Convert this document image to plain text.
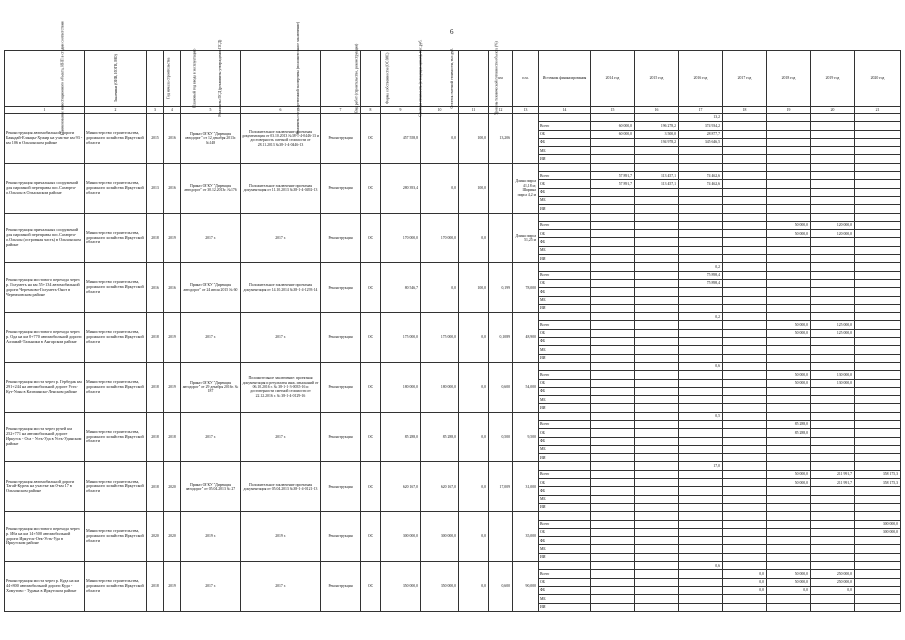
6
Наименование инвестиционного объекта, ИНП в стадии соответствия	Заказчики (ОИВ, ИОГВ, МО)	Год начала строительства	Плановый год ввода в эксплуатацию	Реквизиты ПСД (реквизиты утверждения ПСД)	Реквизиты государственной экспертизы (положительное заключение)	Вид работ (строительство, реконструкция)	Форма собственности (ОС/МС)	Сметная стоимость (в текущих ценах), тыс.руб.	Остаток сметной стоимости, тыс.руб.	Уровень технической готовности объекта (%)	км	п.м.	Источник финансирования	2014 год	2015 год	2016 год	2017 год	2018 год	2019 год	2020 год
1	2	3	4	5	6	7	8	9	10	11	12	13	14	15	16	17	18	19	20	21
Реконструкция автомобильной дороги Баяндай-Еланцы-Хужир на участке км 93 - км 106 в Ольхонском районе	Министерство строительства, дорожного хозяйства Иркутской области	2015	2016	Приказ ОГКУ "Дирекция автодорог" от 12 декабря 2013г. №148	Положительное заключение проектная документация от 03.10.2013 №38-1-4-0446-13 и достоверность сметной стоимости от 28.11.2013 №38-1-4-0446-13	Реконструкция	ОС	457 558,8	0,0	100,0	13,206					13,2				
													Всего	60 000,0	196 278,2	374 934,2				
													ОБ	60 000,0	3 500,0	28 877,7				
													ФБ		194 978,2	345 646,5				
													МБ							
													ИИ							
Реконструкция причальных сооружений для паромной переправы пос.Сахюрта-о.Ольхон в Ольхонском районе	Министерство строительства, дорожного хозяйства Иркутской области	2013	2016	Приказ ОГКУ "Дирекция автодорог" от 30.12.2013г. №176	Положительное заключение проектная документация от 11.10.2013 №38-1-4-0492-13	Реконструкция	ОС	280 393,4	0,0	100,0		Длина пирса 41,18 м; Ширина пирса 4,2 м								
													Всего	57 891,7	113 457,1	74 462,6				
													ОБ	57 891,7	113 457,1	74 462,6				
													ФБ							
													МБ							
													ИИ							
Реконструкция причальных сооружений для паромной переправы пос.Сахюрта-о.Ольхон (островная часть) в Ольхонском районе	Министерство строительства, дорожного хозяйства Иркутской области	2018	2019	2017 г.	2017 г.	Реконструкция	ОС	170 000,0	170 000,0	0,0		Длина пирса 51,25 м								
													Всего					50 000,0	120 000,0	
													ОБ					50 000,0	120 000,0	
													ФБ							
													МБ							
													ИИ							
Реконструкция мостового перехода через р. Голуметь на км 55+134 автомобильной дороги Черемхово-Голуметь-Онот в Черемховском районе	Министерство строительства, дорожного хозяйства Иркутской области	2016	2016	Приказ ОГКУ "Дирекция автодорог" от 24 июля 2015 № 60	Положительное заключение проектная документация от 14.10.2014 №38-1-4-1293-14	Реконструкция	ОС	80 546,7	0,0	100,0	0,199	78,000				0,2				
													Всего			75 898,4				
													ОБ			75 898,4				
													ФБ							
													МБ							
													ИИ							
Реконструкция мостового перехода через р. Ода на км 0+770 автомобильной дороги Алзамай-Тальники в Ангарском районе	Министерство строительства, дорожного хозяйства Иркутской области	2018	2019	2017 г.	2017 г.	Реконструкция	ОС	175 000,0	175 000,0	0,0	0,1089	48,900				0,2				
													Всего					50 000,0	125 000,0	
													ОБ					50 000,0	125 000,0	
													ФБ							
													МБ							
													ИИ							
Реконструкция моста через р. Гербедак км 291+244 на автомобильной дороге Усть-Кут-Уоян в Казачинско-Ленском районе	Министерство строительства, дорожного хозяйства Иркутской области	2018	2019	Приказ ОГКУ "Дирекция автодорог" от 29 декабря 2016г. № 187	Положительное заключение: проектная документация и результаты инж. изысканий от 06.10.2016 г. № 38-1-1-3-0035-16 и достоверности сметной стоимости от 22.12.2016 г. № 38-1-4-0129-16	Реконструкция	ОС	180 000,0	180 000,0	0,0	0,600	54,000				0,6				
													Всего					50 000,0	130 000,0	
													ОБ					50 000,0	130 000,0	
													ФБ							
													МБ							
													ИИ							
Реконструкция моста через ручей км 252+771 на автомобильной дороге Иркутск - Оса - Усть-Уда в Усть-Удинском районе	Министерство строительства, дорожного хозяйства Иркутской области	2018	2018	2017 г.	2017 г.	Реконструкция	ОС	85 288,0	85 288,0	0,0	0,500	9,500				0,5				
													Всего					85 288,0		
													ОБ					85 288,0		
													ФБ							
													МБ							
													ИИ							
Реконструкция автомобильной дороги Тагай-Куреж на участке км 0-км 17 в Ольхонском районе	Министерство строительства, дорожного хозяйства Иркутской области	2018	2020	Приказ ОГКУ "Дирекция автодорог" от 05.04.2013 № 27	Положительное заключение проектная документация от 05.04.2013 №38-1-4-0121-13	Реконструкция	ОС	620 167,0	620 167,0	0,0	17,009	31,000				17,0				
													Всего					50 000,0	211 991,7	358 175,3
													ОБ					50 000,0	211 991,7	358 175,3
													ФБ							
													МБ							
													ИИ							
Реконструкция мостового перехода через р. Иба на км 14+500 автомобильной дороги Иркутск-Оек-Усть-Уда в Иркутском районе	Министерство строительства, дорожного хозяйства Иркутской области	2020	2020	2019 г.	2019 г.	Реконструкция	ОС	300 000,0	300 000,0	0,0		35,000								
													Всего							300 000,0
													ОБ							300 000,0
													ФБ							
													МБ							
													ИИ							
Реконструкция моста через р. Куда на км 44+800 автомобильной дороги Куда - Хомутово - Турана в Иркутском районе	Министерство строительства, дорожного хозяйства Иркутской области	2018	2019	2017 г.	2017 г.	Реконструкция	ОС	350 000,0	350 000,0	0,0	0,600	90,000				0,6				
													Всего				0,0	50 000,0	250 000,0	
													ОБ				0,0	50 000,0	250 000,0	
													ФБ				0,0	0,0	0,0	
													МБ							
													ИИ							
